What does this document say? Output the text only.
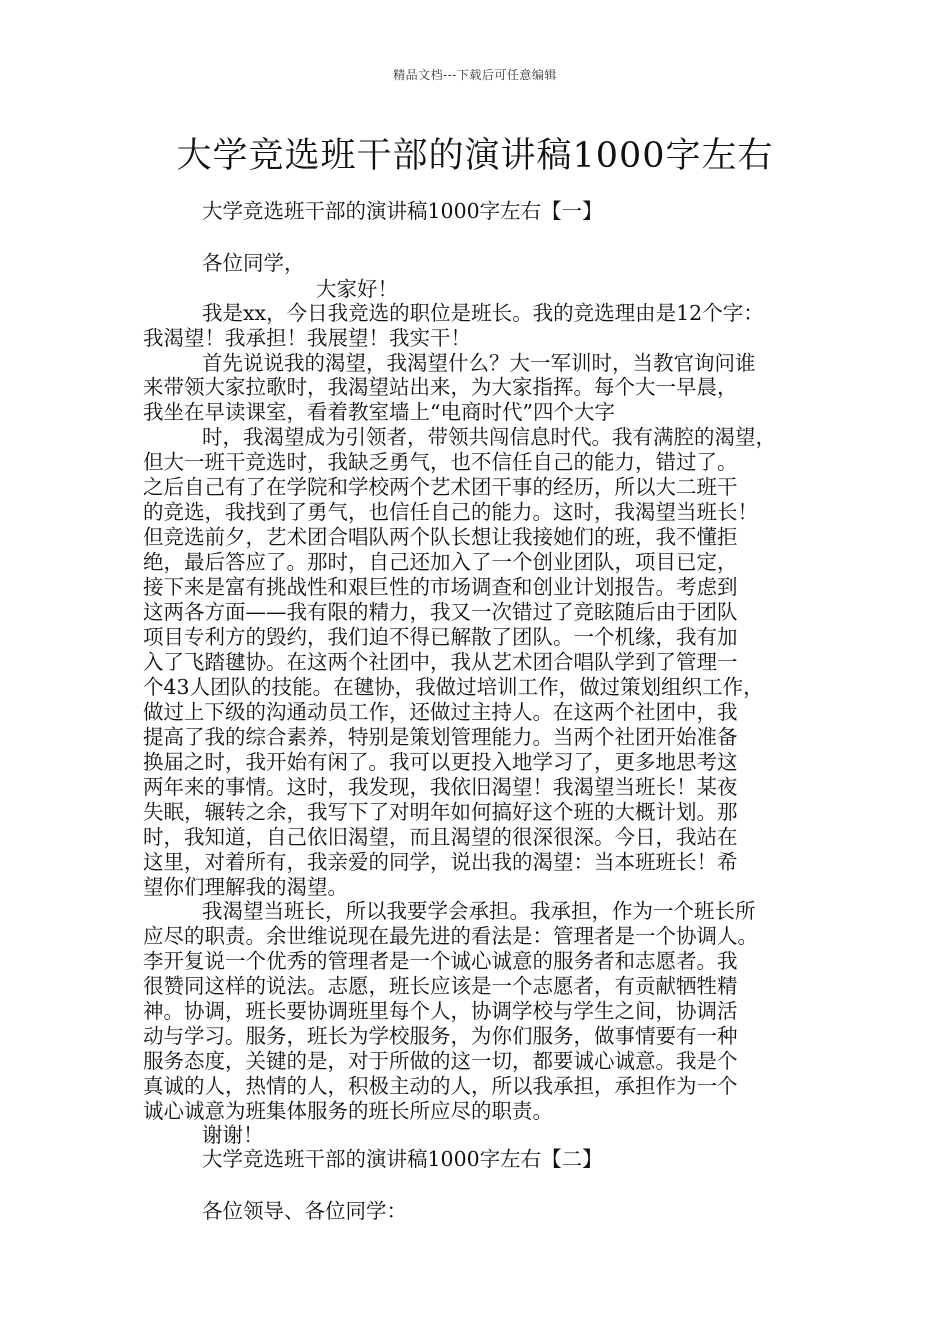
精品文档---下载后可任意编辑
大学竞选班干部的演讲稿1000字左右
大学竞选班干部的演讲稿1000字左右【一】
各位同学，
大家好！
我是xx，今日我竞选的职位是班长。我的竞选理由是12个字：
我渴望！我承担！我展望！我实干！
首先说说我的渴望，我渴望什么？大一军训时，当教官询问谁
来带领大家拉歌时，我渴望站出来，为大家指挥。每个大一早晨，
我坐在早读课室，看着教室墙上“电商时代”四个大字
时，我渴望成为引领者，带领共闯信息时代。我有满腔的渴望，
但大一班干竞选时，我缺乏勇气，也不信任自己的能力，错过了。
之后自己有了在学院和学校两个艺术团干事的经历，所以大二班干
的竞选，我找到了勇气，也信任自己的能力。这时，我渴望当班长！
但竞选前夕，艺术团合唱队两个队长想让我接她们的班，我不懂拒
绝，最后答应了。那时，自己还加入了一个创业团队，项目已定，
接下来是富有挑战性和艰巨性的市场调查和创业计划报告。考虑到
这两各方面——我有限的精力，我又一次错过了竞眩随后由于团队
项目专利方的毁约，我们迫不得已解散了团队。一个机缘，我有加
入了飞踏毽协。在这两个社团中，我从艺术团合唱队学到了管理一
个43人团队的技能。在毽协，我做过培训工作，做过策划组织工作，
做过上下级的沟通动员工作，还做过主持人。在这两个社团中，我
提高了我的综合素养，特别是策划管理能力。当两个社团开始准备
换届之时，我开始有闲了。我可以更投入地学习了，更多地思考这
两年来的事情。这时，我发现，我依旧渴望！我渴望当班长！某夜
失眠，辗转之余，我写下了对明年如何搞好这个班的大概计划。那
时，我知道，自己依旧渴望，而且渴望的很深很深。今日，我站在
这里，对着所有，我亲爱的同学，说出我的渴望：当本班班长！希
望你们理解我的渴望。
我渴望当班长，所以我要学会承担。我承担，作为一个班长所
应尽的职责。余世维说现在最先进的看法是：管理者是一个协调人。
李开复说一个优秀的管理者是一个诚心诚意的服务者和志愿者。我
很赞同这样的说法。志愿，班长应该是一个志愿者，有贡献牺牲精
神。协调，班长要协调班里每个人，协调学校与学生之间，协调活
动与学习。服务，班长为学校服务，为你们服务，做事情要有一种
服务态度，关键的是，对于所做的这一切，都要诚心诚意。我是个
真诚的人，热情的人，积极主动的人，所以我承担，承担作为一个
诚心诚意为班集体服务的班长所应尽的职责。
谢谢！
大学竞选班干部的演讲稿1000字左右【二】
各位领导、各位同学：
